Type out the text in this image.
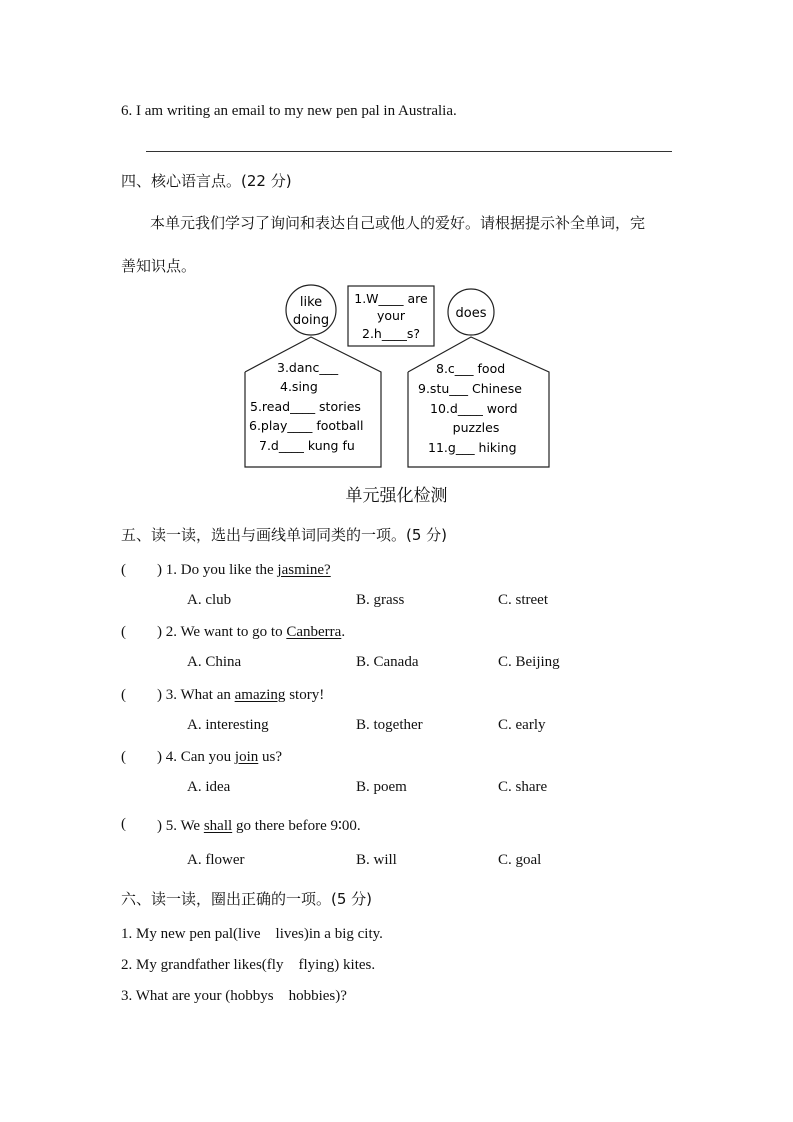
6. I am writing an email to my new pen pal in Australia.
四、核心语言点。(22 分)
本单元我们学习了询问和表达自己或他人的爱好。请根据提示补全单词，完
善知识点。
like
doing
1.W____ are
your
2.h____s?
does
3.danc___
4.sing
5.read____ stories
6.play____ football
7.d____ kung fu
8.c___ food
9.stu___ Chinese
10.d____ word
puzzles
11.g___ hiking
单元强化检测
五、读一读，选出与画线单词同类的一项。(5 分)
( ) 1. Do you like the jasmine?
A. club	B. grass	C. street
( ) 2. We want to go to Canberra.
A. China	B. Canada	C. Beijing
( ) 3. What an amazing story!
A. interesting	B. together	C. early
( ) 4. Can you join us?
A. idea	B. poem	C. share
( ) 5. We shall go there before 9∶00.
A. flower	B. will	C. goal
六、读一读，圈出正确的一项。(5 分)
1. My new pen pal(live    lives)in a big city.
2. My grandfather likes(fly    flying) kites.
3. What are your (hobbys    hobbies)?
